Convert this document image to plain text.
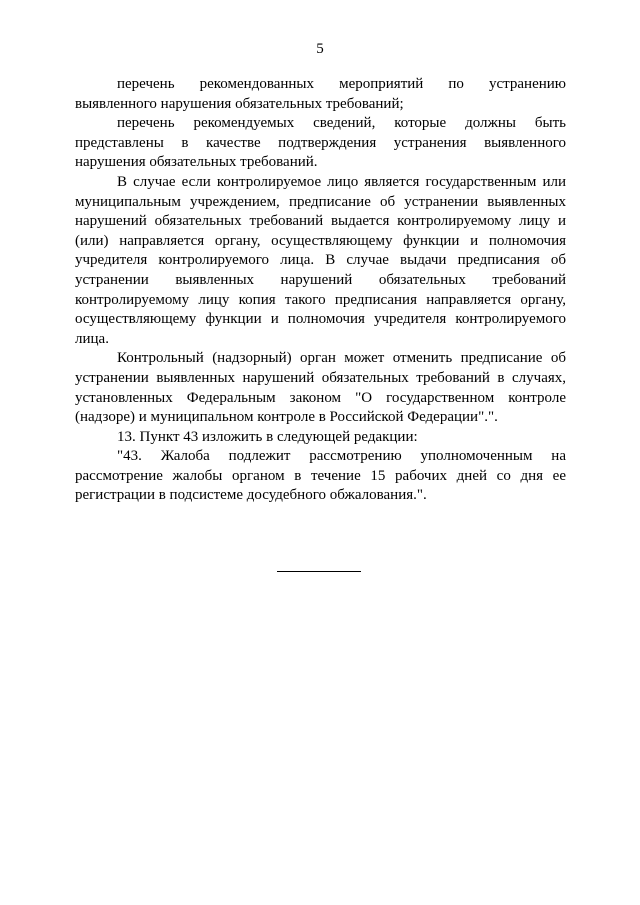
5

перечень рекомендованных мероприятий по устранению выявленного нарушения обязательных требований;

перечень рекомендуемых сведений, которые должны быть представлены в качестве подтверждения устранения выявленного нарушения обязательных требований.

В случае если контролируемое лицо является государственным или муниципальным учреждением, предписание об устранении выявленных нарушений обязательных требований выдается контролируемому лицу и (или) направляется органу, осуществляющему функции и полномочия учредителя контролируемого лица. В случае выдачи предписания об устранении выявленных нарушений обязательных требований контролируемому лицу копия такого предписания направляется органу, осуществляющему функции и полномочия учредителя контролируемого лица.

Контрольный (надзорный) орган может отменить предписание об устранении выявленных нарушений обязательных требований в случаях, установленных Федеральным законом "О государственном контроле (надзоре) и муниципальном контроле в Российской Федерации".".

13. Пункт 43 изложить в следующей редакции:

"43. Жалоба подлежит рассмотрению уполномоченным на рассмотрение жалобы органом в течение 15 рабочих дней со дня ее регистрации в подсистеме досудебного обжалования.".
